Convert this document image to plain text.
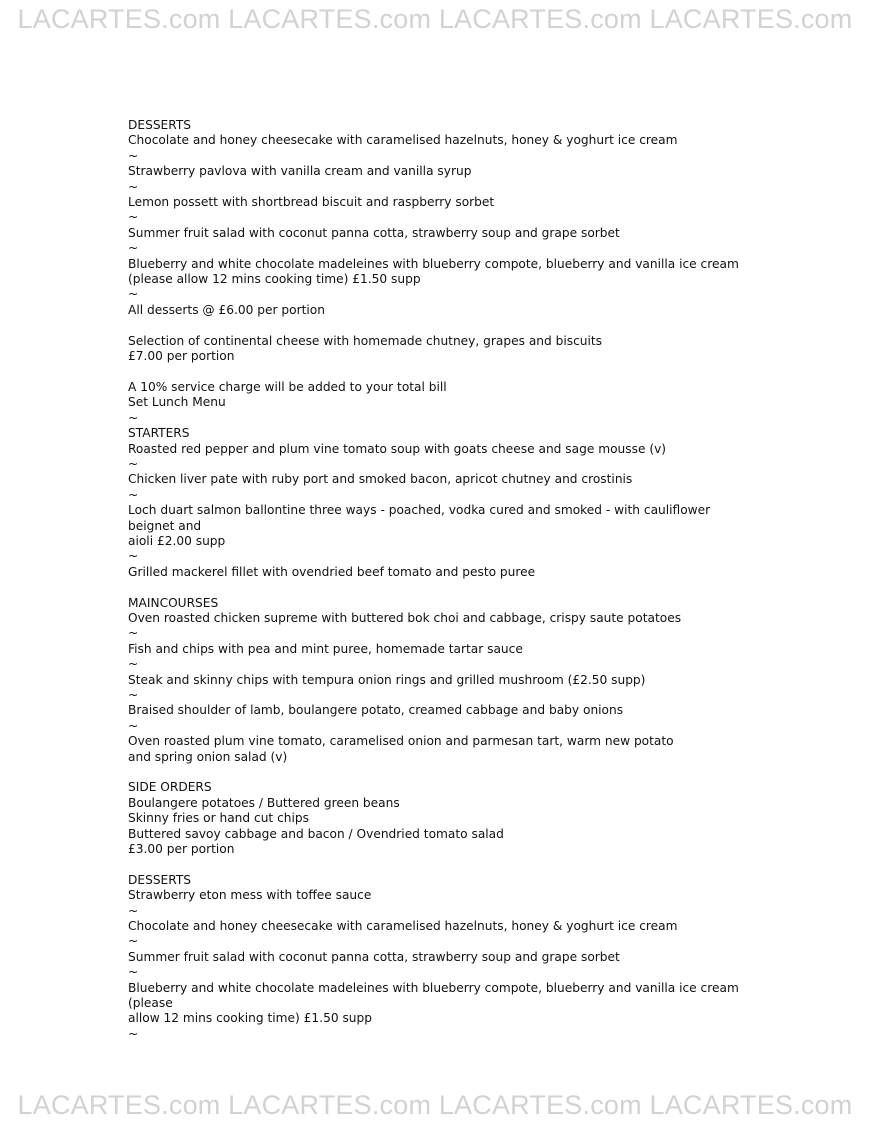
LACARTES.com LACARTES.com LACARTES.com LACARTES.com
DESSERTS
Chocolate and honey cheesecake with caramelised hazelnuts, honey & yoghurt ice cream
~
Strawberry pavlova with vanilla cream and vanilla syrup
~
Lemon possett with shortbread biscuit and raspberry sorbet
~
Summer fruit salad with coconut panna cotta, strawberry soup and grape sorbet
~
Blueberry and white chocolate madeleines with blueberry compote, blueberry and vanilla ice cream
(please allow 12 mins cooking time) £1.50 supp
~
All desserts @ £6.00 per portion
Selection of continental cheese with homemade chutney, grapes and biscuits
£7.00 per portion
A 10% service charge will be added to your total bill
Set Lunch Menu
~
STARTERS
Roasted red pepper and plum vine tomato soup with goats cheese and sage mousse (v)
~
Chicken liver pate with ruby port and smoked bacon, apricot chutney and crostinis
~
Loch duart salmon ballontine three ways - poached, vodka cured and smoked - with cauliflower beignet and
aioli £2.00 supp
~
Grilled mackerel fillet with ovendried beef tomato and pesto puree
MAINCOURSES
Oven roasted chicken supreme with buttered bok choi and cabbage, crispy saute potatoes
~
Fish and chips with pea and mint puree, homemade tartar sauce
~
Steak and skinny chips with tempura onion rings and grilled mushroom (£2.50 supp)
~
Braised shoulder of lamb, boulangere potato, creamed cabbage and baby onions
~
Oven roasted plum vine tomato, caramelised onion and parmesan tart, warm new potato
and spring onion salad (v)
SIDE ORDERS
Boulangere potatoes / Buttered green beans
Skinny fries or hand cut chips
Buttered savoy cabbage and bacon / Ovendried tomato salad
£3.00 per portion
DESSERTS
Strawberry eton mess with toffee sauce
~
Chocolate and honey cheesecake with caramelised hazelnuts, honey & yoghurt ice cream
~
Summer fruit salad with coconut panna cotta, strawberry soup and grape sorbet
~
Blueberry and white chocolate madeleines with blueberry compote, blueberry and vanilla ice cream (please
allow 12 mins cooking time) £1.50 supp
~
LACARTES.com LACARTES.com LACARTES.com LACARTES.com
